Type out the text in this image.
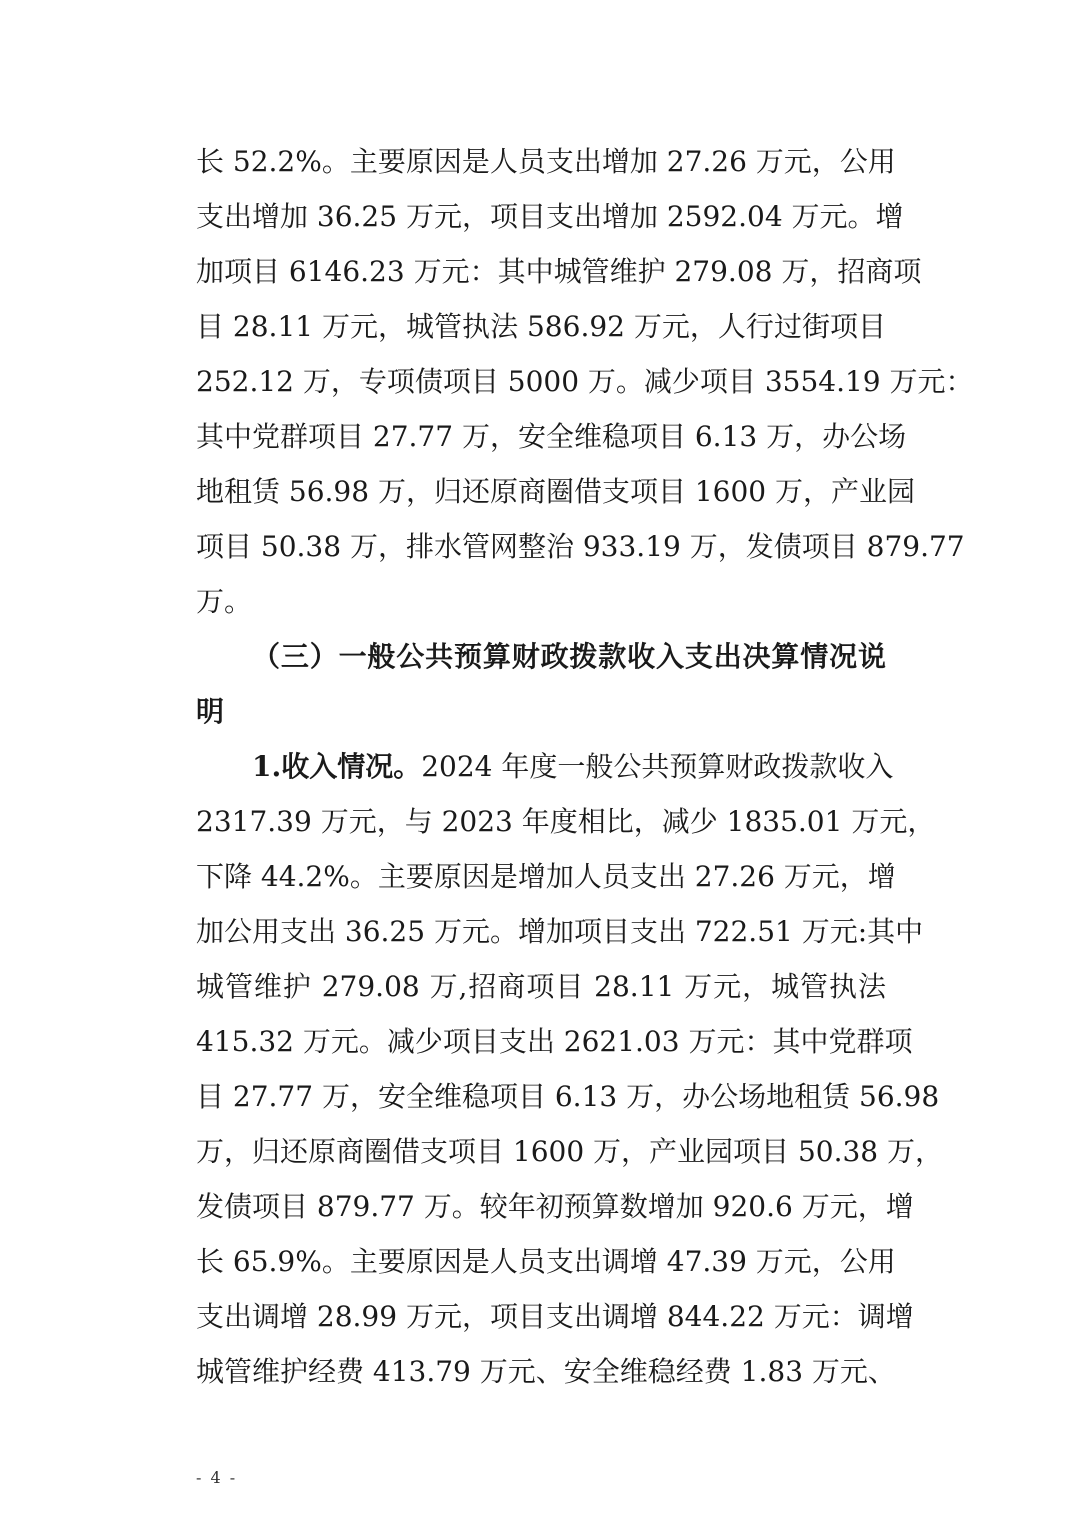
长 52.2%。主要原因是人员支出增加 27.26 万元，公用
支出增加 36.25 万元，项目支出增加 2592.04 万元。增
加项目 6146.23 万元：其中城管维护 279.08 万，招商项
目 28.11 万元，城管执法 586.92 万元，人行过街项目
252.12 万，专项债项目 5000 万。减少项目 3554.19 万元：
其中党群项目 27.77 万，安全维稳项目 6.13 万，办公场
地租赁 56.98 万，归还原商圈借支项目 1600 万，产业园
项目 50.38 万，排水管网整治 933.19 万，发债项目 879.77
万。
（三）一般公共预算财政拨款收入支出决算情况说
明
1.收入情况。2024 年度一般公共预算财政拨款收入
2317.39 万元，与 2023 年度相比，减少 1835.01 万元，
下降 44.2%。主要原因是增加人员支出 27.26 万元，增
加公用支出 36.25 万元。增加项目支出 722.51 万元:其中
城管维护 279.08 万,招商项目 28.11 万元，城管执法
415.32 万元。减少项目支出 2621.03 万元：其中党群项
目 27.77 万，安全维稳项目 6.13 万，办公场地租赁 56.98
万，归还原商圈借支项目 1600 万，产业园项目 50.38 万，
发债项目 879.77 万。较年初预算数增加 920.6 万元，增
长 65.9%。主要原因是人员支出调增 47.39 万元，公用
支出调增 28.99 万元，项目支出调增 844.22 万元：调增
城管维护经费 413.79 万元、安全维稳经费 1.83 万元、
- 4 -
